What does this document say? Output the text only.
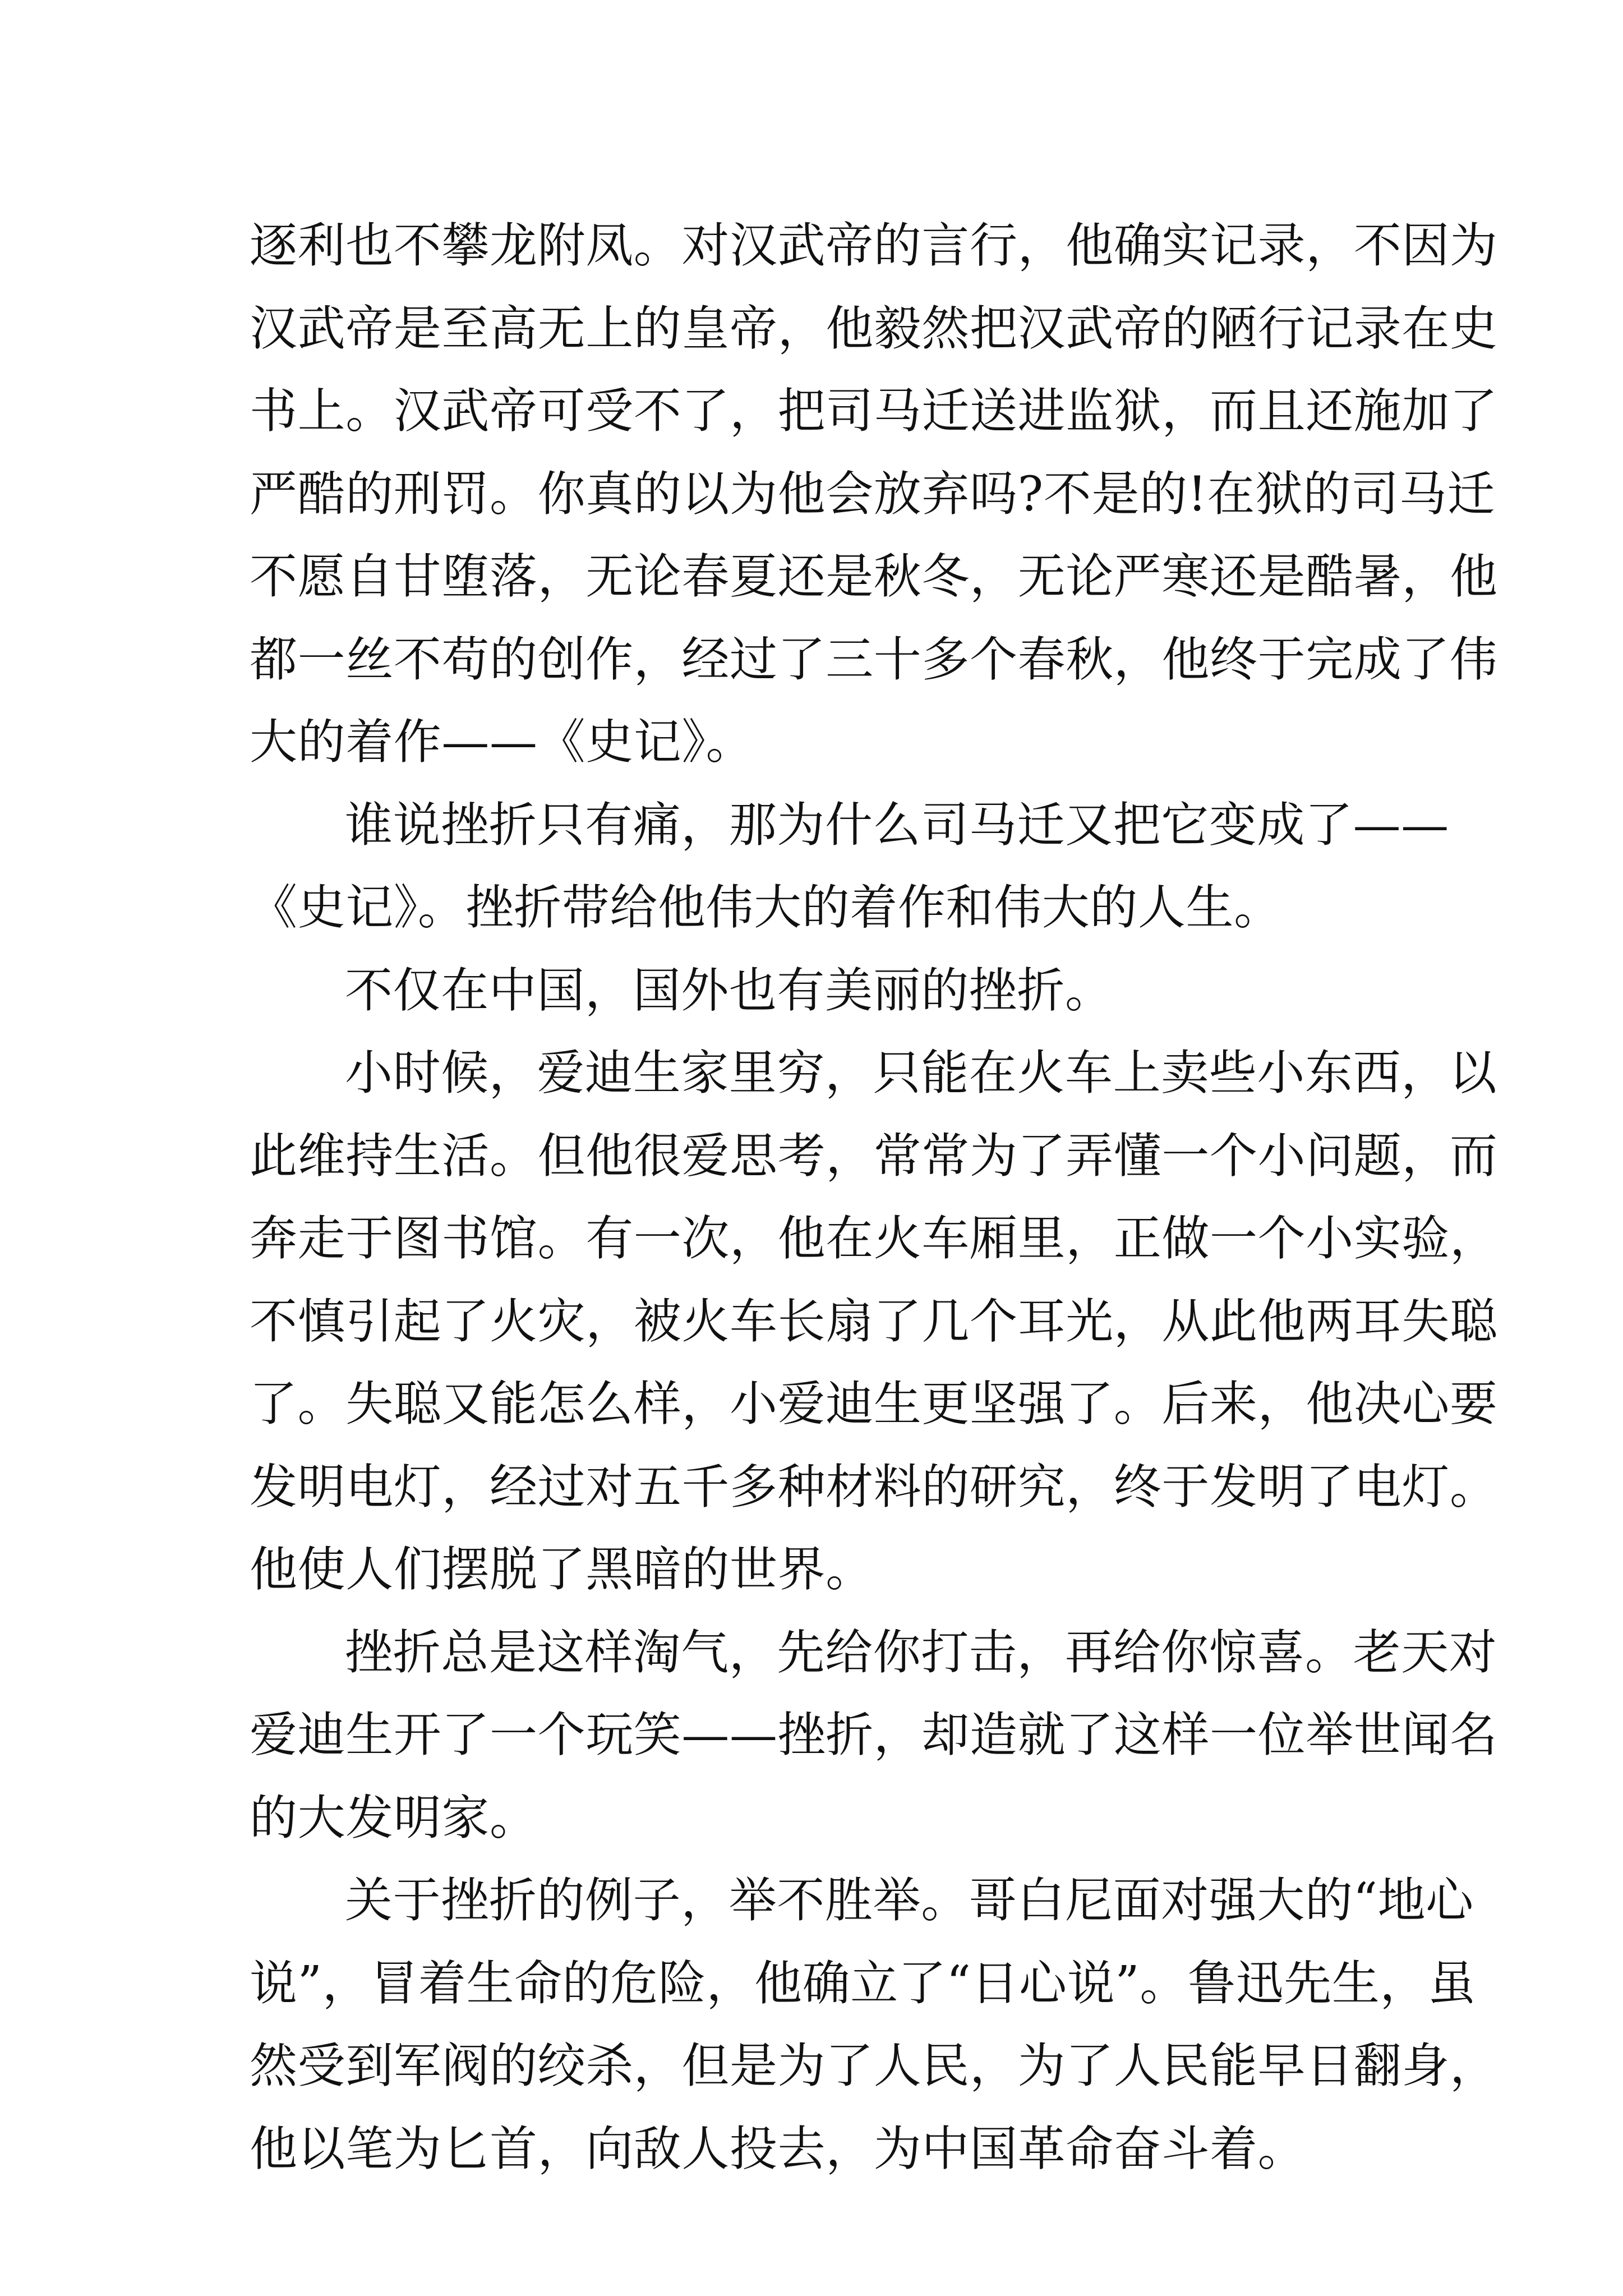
逐利也不攀龙附凤。对汉武帝的言行，他确实记录，不因为
汉武帝是至高无上的皇帝，他毅然把汉武帝的陋行记录在史
书上。汉武帝可受不了，把司马迁送进监狱，而且还施加了
严酷的刑罚。你真的以为他会放弃吗?不是的!在狱的司马迁
不愿自甘堕落，无论春夏还是秋冬，无论严寒还是酷暑，他
都一丝不苟的创作，经过了三十多个春秋，他终于完成了伟
大的着作——《史记》。

谁说挫折只有痛，那为什么司马迁又把它变成了——
《史记》。挫折带给他伟大的着作和伟大的人生。

不仅在中国，国外也有美丽的挫折。

小时候，爱迪生家里穷，只能在火车上卖些小东西，以
此维持生活。但他很爱思考，常常为了弄懂一个小问题，而
奔走于图书馆。有一次，他在火车厢里，正做一个小实验，
不慎引起了火灾，被火车长扇了几个耳光，从此他两耳失聪
了。失聪又能怎么样，小爱迪生更坚强了。后来，他决心要
发明电灯，经过对五千多种材料的研究，终于发明了电灯。
他使人们摆脱了黑暗的世界。

挫折总是这样淘气，先给你打击，再给你惊喜。老天对
爱迪生开了一个玩笑——挫折，却造就了这样一位举世闻名
的大发明家。

关于挫折的例子，举不胜举。哥白尼面对强大的“地心
说”，冒着生命的危险，他确立了“日心说”。鲁迅先生，虽
然受到军阀的绞杀，但是为了人民，为了人民能早日翻身，
他以笔为匕首，向敌人投去，为中国革命奋斗着。
